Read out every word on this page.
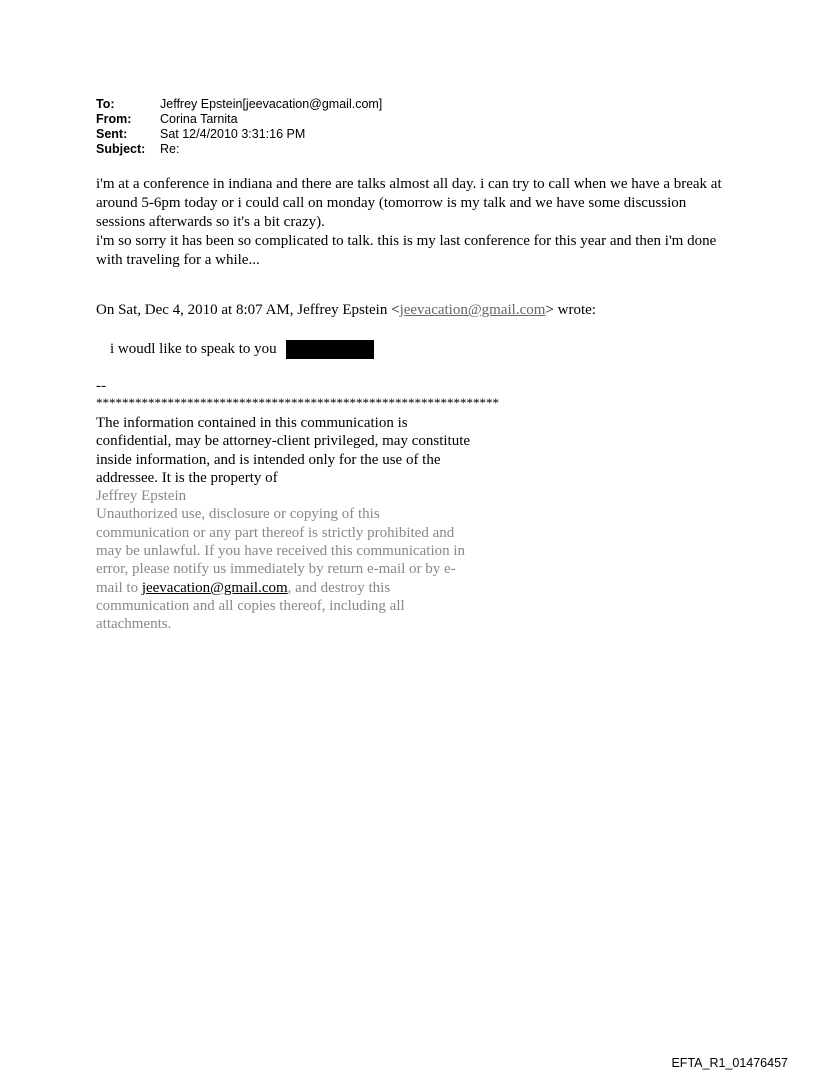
To:	Jeffrey Epstein[jeevacation@gmail.com]
From:	Corina Tarnita
Sent:	Sat 12/4/2010 3:31:16 PM
Subject:	Re:

i'm at a conference in indiana and there are talks almost all day. i can try to call when we have a break at around 5-6pm today or i could call on monday (tomorrow is my talk and we have some discussion sessions afterwards so it's a bit crazy).

i'm so sorry it has been so complicated to talk. this is my last conference for this year and then i'm done with traveling for a while...

On Sat, Dec 4, 2010 at 8:07 AM, Jeffrey Epstein <jeevacation@gmail.com> wrote:
i woudl like to speak to you

--

**************************************************************

The information contained in this communication is confidential, may be attorney-client privileged, may constitute inside information, and is intended only for the use of the addressee. It is the property of
Jeffrey Epstein
Unauthorized use, disclosure or copying of this communication or any part thereof is strictly prohibited and may be unlawful. If you have received this communication in error, please notify us immediately by return e-mail or by e-mail to jeevacation@gmail.com, and destroy this communication and all copies thereof, including all attachments.

EFTA_R1_01476457
